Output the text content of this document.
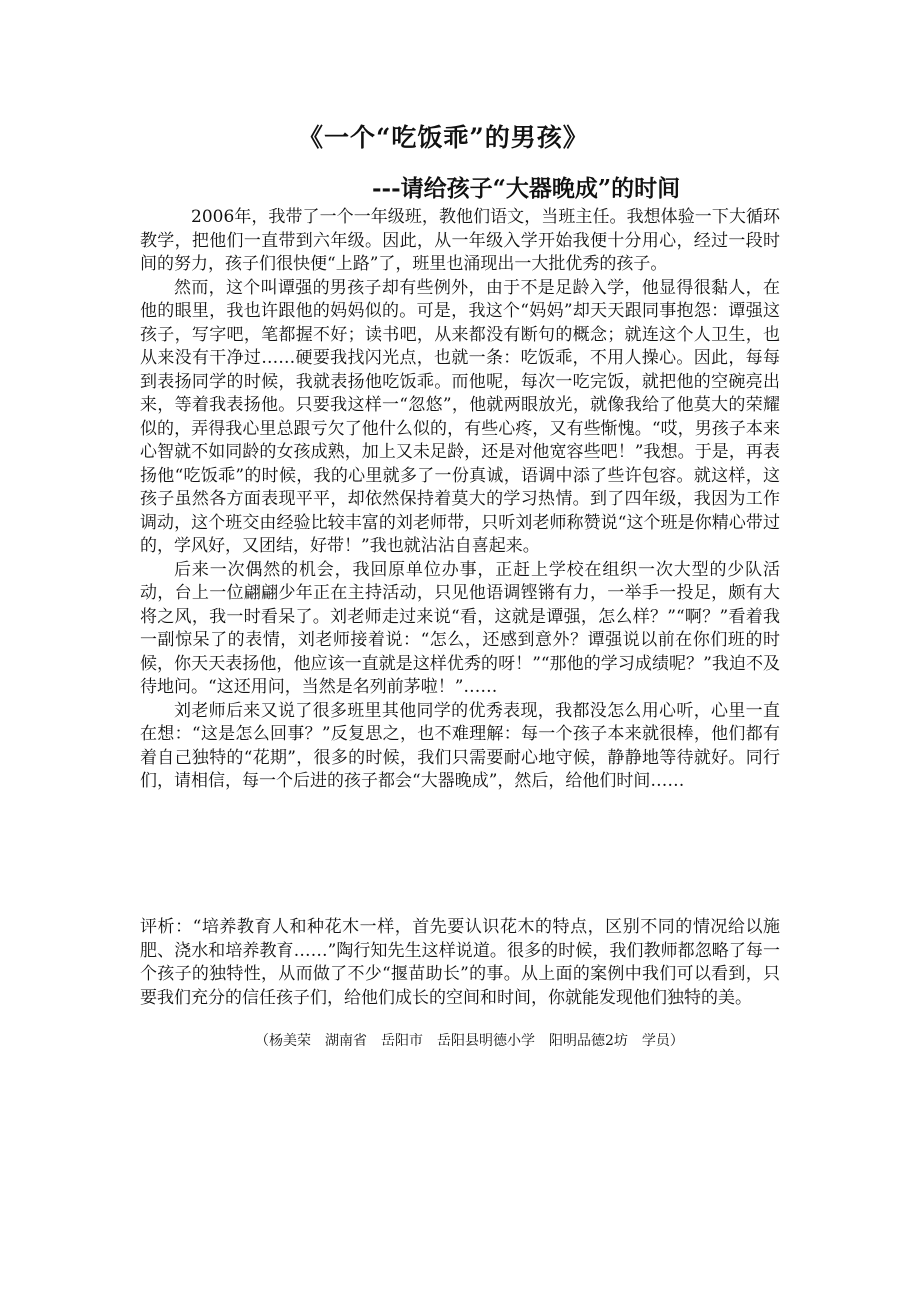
《一个“吃饭乖”的男孩》
---请给孩子“大器晚成”的时间

2006年，我带了一个一年级班，教他们语文，当班主任。我想体验一下大循环教学，把他们一直带到六年级。因此，从一年级入学开始我便十分用心，经过一段时间的努力，孩子们很快便“上路”了，班里也涌现出一大批优秀的孩子。

然而，这个叫谭强的男孩子却有些例外，由于不是足龄入学，他显得很黏人，在他的眼里，我也许跟他的妈妈似的。可是，我这个“妈妈”却天天跟同事抱怨：谭强这孩子，写字吧，笔都握不好；读书吧，从来都没有断句的概念；就连这个人卫生，也从来没有干净过……硬要我找闪光点，也就一条：吃饭乖，不用人操心。因此，每每到表扬同学的时候，我就表扬他吃饭乖。而他呢，每次一吃完饭，就把他的空碗亮出来，等着我表扬他。只要我这样一“忽悠”，他就两眼放光，就像我给了他莫大的荣耀似的，弄得我心里总跟亏欠了他什么似的，有些心疼，又有些惭愧。“哎，男孩子本来心智就不如同龄的女孩成熟，加上又未足龄，还是对他宽容些吧！”我想。于是，再表扬他“吃饭乖”的时候，我的心里就多了一份真诚，语调中添了些许包容。就这样，这孩子虽然各方面表现平平，却依然保持着莫大的学习热情。到了四年级，我因为工作调动，这个班交由经验比较丰富的刘老师带，只听刘老师称赞说“这个班是你精心带过的，学风好，又团结，好带！”我也就沾沾自喜起来。

后来一次偶然的机会，我回原单位办事，正赶上学校在组织一次大型的少队活动，台上一位翩翩少年正在主持活动，只见他语调铿锵有力，一举手一投足，颇有大将之风，我一时看呆了。刘老师走过来说“看，这就是谭强，怎么样？”“啊？”看着我一副惊呆了的表情，刘老师接着说：“怎么，还感到意外？谭强说以前在你们班的时候，你天天表扬他，他应该一直就是这样优秀的呀！”“那他的学习成绩呢？”我迫不及待地问。“这还用问，当然是名列前茅啦！”……

刘老师后来又说了很多班里其他同学的优秀表现，我都没怎么用心听，心里一直在想：“这是怎么回事？”反复思之，也不难理解：每一个孩子本来就很棒，他们都有着自己独特的“花期”，很多的时候，我们只需要耐心地守候，静静地等待就好。同行们，请相信，每一个后进的孩子都会“大器晚成”，然后，给他们时间……

评析：“培养教育人和种花木一样，首先要认识花木的特点，区别不同的情况给以施肥、浇水和培养教育……”陶行知先生这样说道。很多的时候，我们教师都忽略了每一个孩子的独特性，从而做了不少“揠苗助长”的事。从上面的案例中我们可以看到，只要我们充分的信任孩子们，给他们成长的空间和时间，你就能发现他们独特的美。

（杨美荣　湖南省　岳阳市　岳阳县明德小学　阳明品德2坊　学员）
